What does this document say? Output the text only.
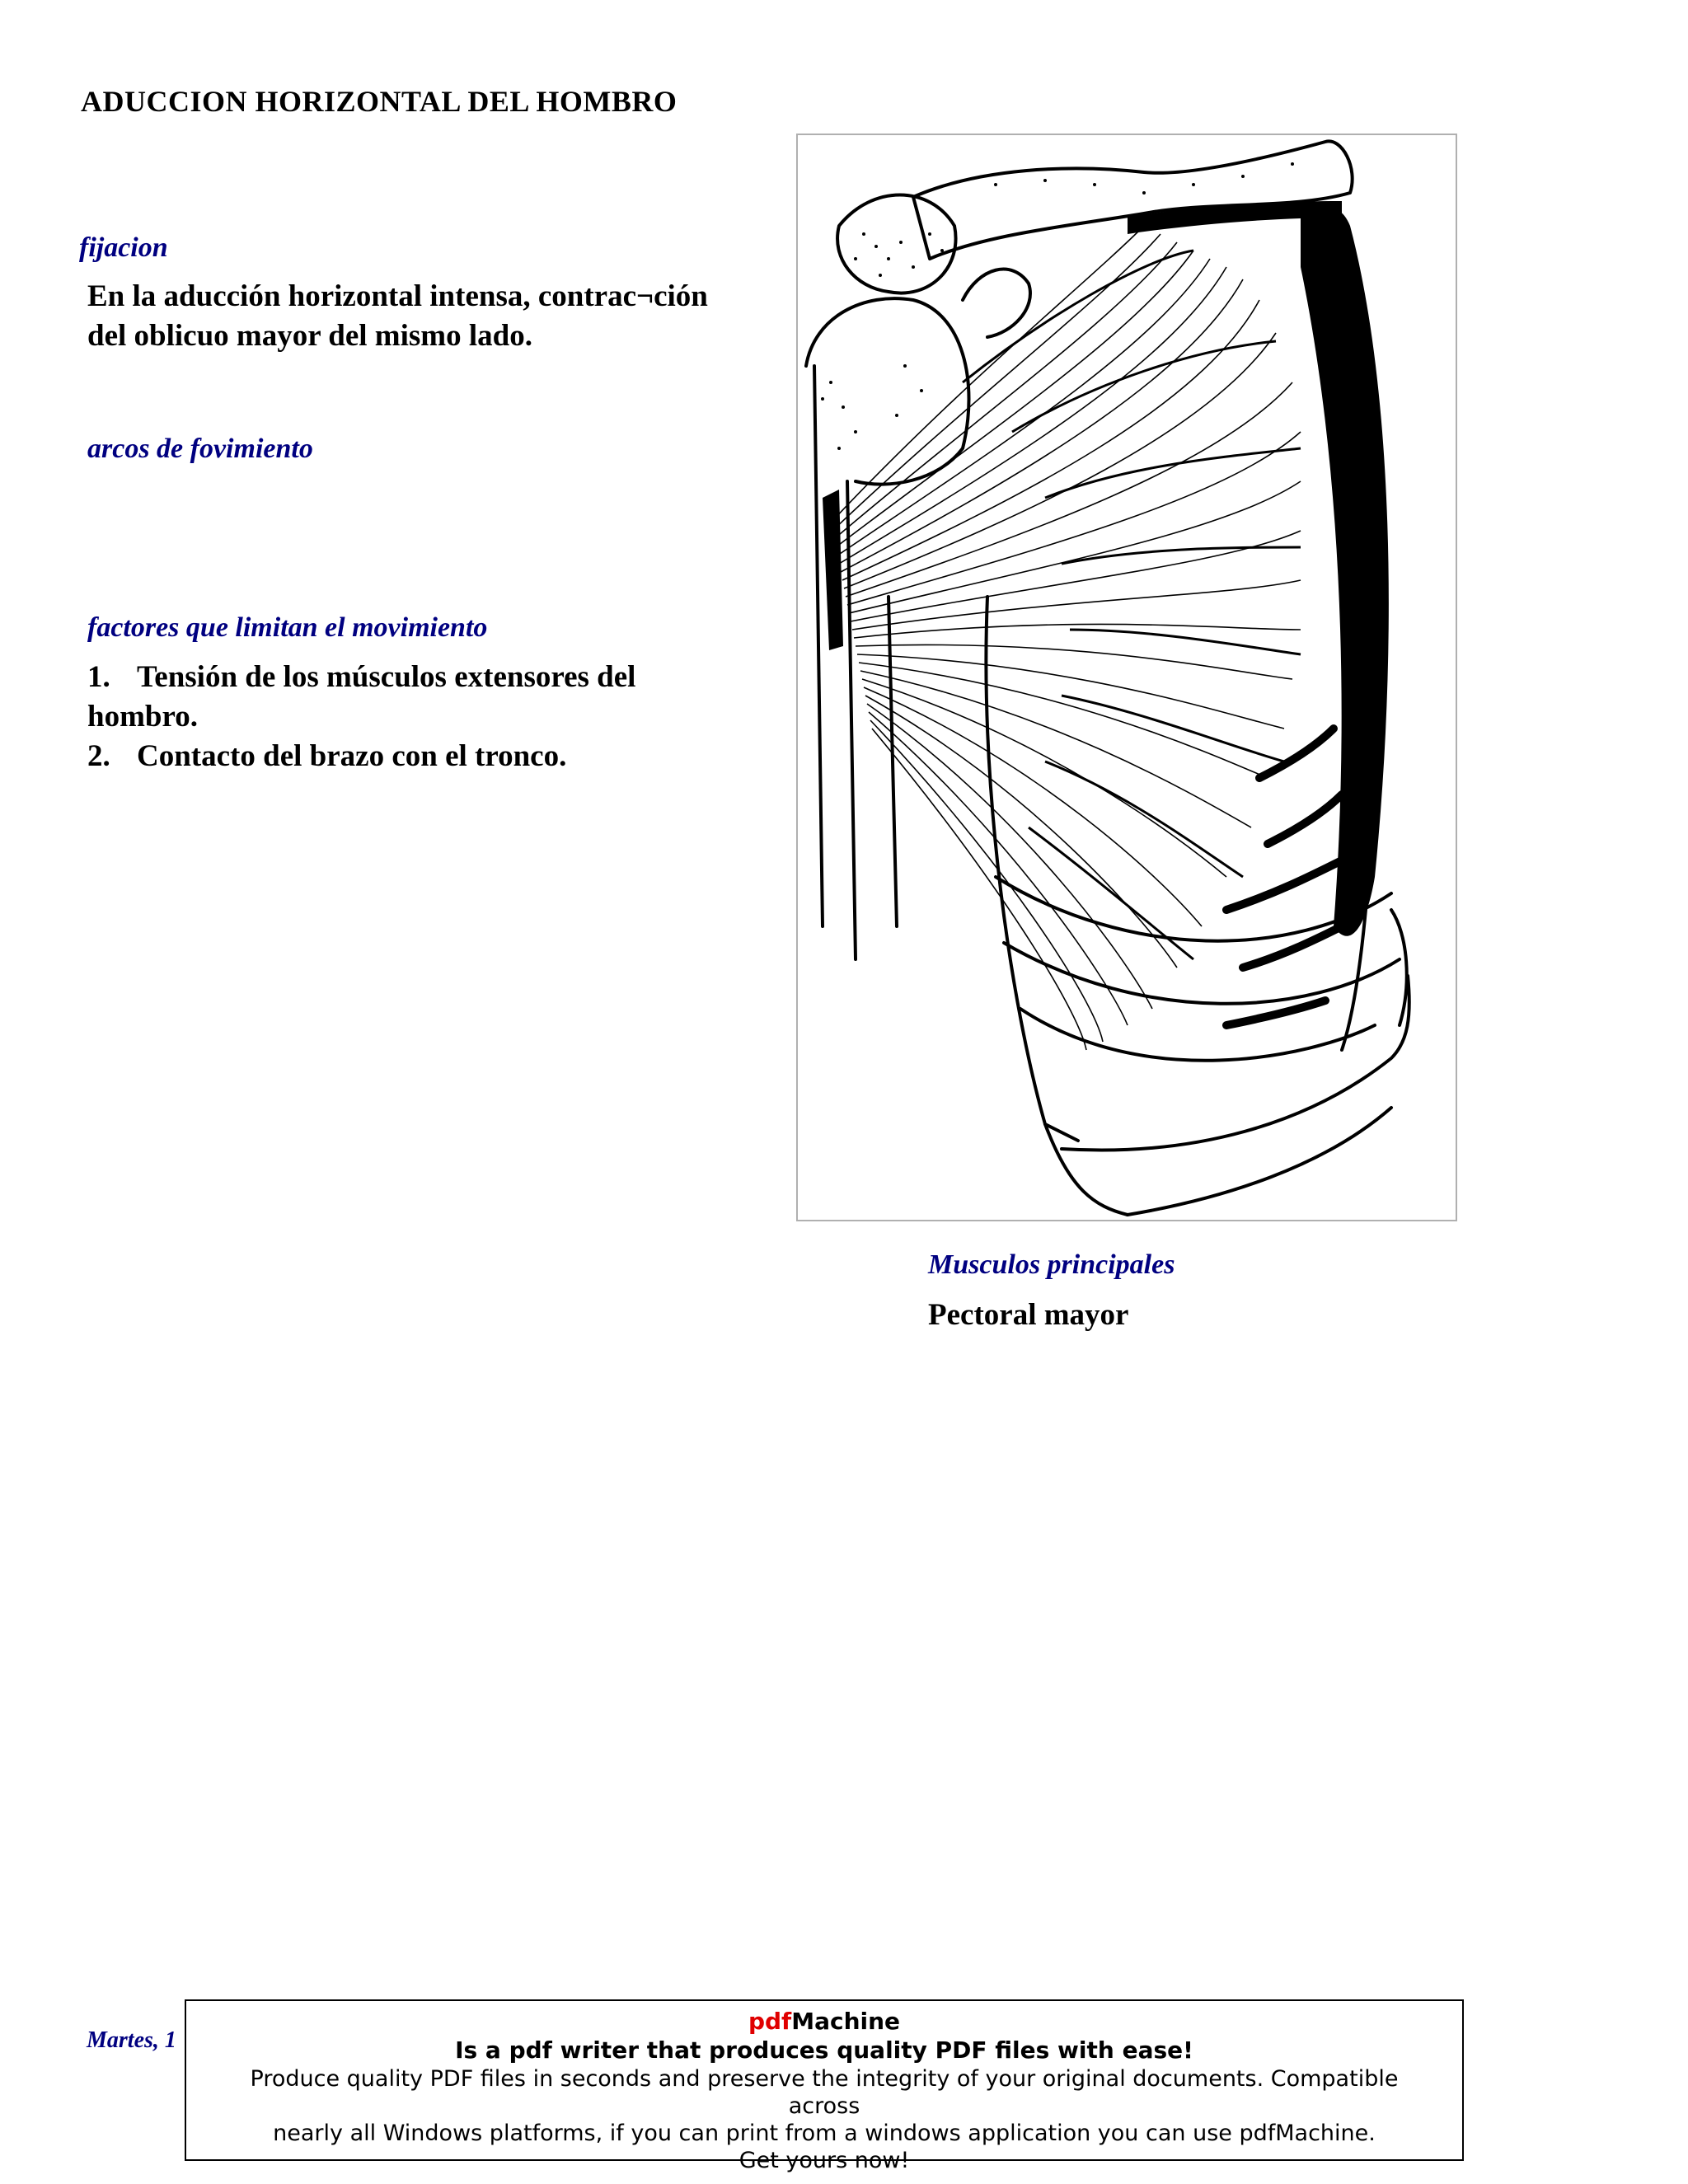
ADUCCION HORIZONTAL DEL HOMBRO
fijacion
En la aducción horizontal intensa, contrac¬ción
del oblicuo mayor del mismo lado.
arcos de fovimiento
factores que limitan el movimiento
1. Tensión de los músculos extensores del
hombro.
2. Contacto del brazo con el tronco.
Musculos principales
Pectoral mayor
Martes, 1
pdfMachine
Is a pdf writer that produces quality PDF files with ease!
Produce quality PDF files in seconds and preserve the integrity of your original documents. Compatible across
nearly all Windows platforms, if you can print from a windows application you can use pdfMachine.
Get yours now!
